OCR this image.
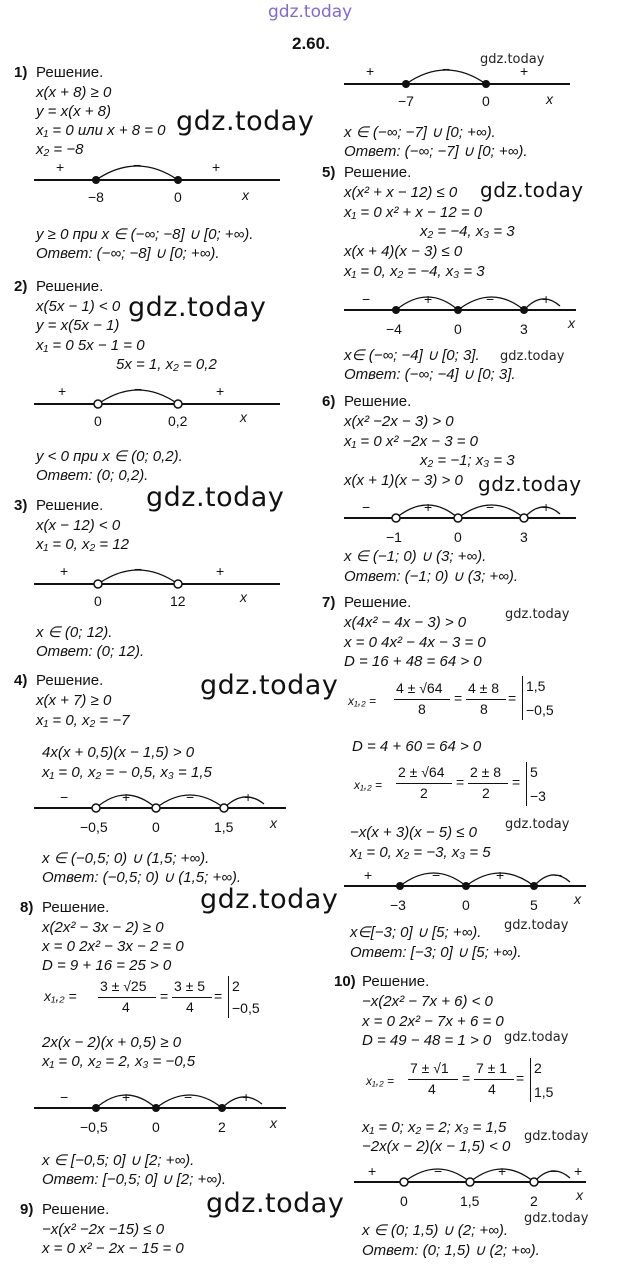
gdz.today
2.60.
gdz.today
gdz.today
gdz.today
gdz.today
gdz.today
gdz.today
gdz.today
gdz.today
gdz.today
gdz.today
gdz.today
gdz.today
gdz.today
gdz.today
gdz.today
gdz.today
1) Решение.
x(x + 8) ≥ 0
y = x(x + 8)
x₁ = 0 или x + 8 = 0
x₂ = −8
+	−	+
−8	0	x
y ≥ 0 при x ∈ (−∞; −8] ∪ [0; +∞).
Ответ: (−∞; −8] ∪ [0; +∞).
2) Решение.
x(5x − 1) < 0
y = x(5x − 1)
x₁ = 0 5x − 1 = 0
5x = 1, x₂ = 0,2
+	−	+
0	0,2	x
y < 0 при x ∈ (0; 0,2).
Ответ: (0; 0,2).
3) Решение.
x(x − 12) < 0
x₁ = 0, x₂ = 12
+	−	+
0	12	x
x ∈ (0; 12).
Ответ: (0; 12).
4) Решение.
x(x + 7) ≥ 0
x₁ = 0, x₂ = −7
4x(x + 0,5)(x − 1,5) > 0
x₁ = 0, x₂ = − 0,5, x₃ = 1,5
−	+	−	+
−0,5	0	1,5	x
x ∈ (−0,5; 0) ∪ (1,5; +∞).
Ответ: (−0,5; 0) ∪ (1,5; +∞).
8) Решение.
x(2x² − 3x − 2) ≥ 0
x = 0 2x² − 3x − 2 = 0
D = 9 + 16 = 25 > 0
x₁,₂ =
3 ± √25
4
=
3 ± 5
4
=
2
−0,5
2x(x − 2)(x + 0,5) ≥ 0
x₁ = 0, x₂ = 2, x₃ = −0,5
−	+	−	+
−0,5	0	2	x
x ∈ [−0,5; 0] ∪ [2; +∞).
Ответ: [−0,5; 0] ∪ [2; +∞).
9) Решение.
−x(x² −2x −15) ≤ 0
x = 0 x² − 2x − 15 = 0
+	−	+
−7	0	x
x ∈ (−∞; −7] ∪ [0; +∞).
Ответ: (−∞; −7] ∪ [0; +∞).
5) Решение.
x(x² + x − 12) ≤ 0
x₁ = 0 x² + x − 12 = 0
x₂ = −4, x₃ = 3
x(x + 4)(x − 3) ≤ 0
x₁ = 0, x₂ = −4, x₃ = 3
−	+	−	+
−4	0	3	x
x∈ (−∞; −4] ∪ [0; 3].
Ответ: (−∞; −4] ∪ [0; 3].
6) Решение.
x(x² −2x − 3) > 0
x₁ = 0 x² −2x − 3 = 0
x₂ = −1; x₃ = 3
x(x + 1)(x − 3) > 0
−	+	−	+
−1	0	3
x ∈ (−1; 0) ∪ (3; +∞).
Ответ: (−1; 0) ∪ (3; +∞).
7) Решение.
x(4x² − 4x − 3) > 0
x = 0 4x² − 4x − 3 = 0
D = 16 + 48 = 64 > 0
x₁,₂ =
4 ± √64
8
=
4 ± 8
8
=
1,5
−0,5
D = 4 + 60 = 64 > 0
x₁,₂ =
2 ± √64
2
=
2 ± 8
2
=
5
−3
−x(x + 3)(x − 5) ≤ 0
x₁ = 0, x₂ = −3, x₃ = 5
+	−	+	−
−3	0	5	x
x∈[−3; 0] ∪ [5; +∞).
Ответ: [−3; 0] ∪ [5; +∞).
10) Решение.
−x(2x² − 7x + 6) < 0
x = 0 2x² − 7x + 6 = 0
D = 49 − 48 = 1 > 0
x₁,₂ =
7 ± √1
4
=
7 ± 1
4
=
2
1,5
x₁ = 0; x₂ = 2; x₃ = 1,5
−2x(x − 2)(x − 1,5) < 0
+	−	+	− +
0	1,5	2	x
x ∈ (0; 1,5) ∪ (2; +∞).
Ответ: (0; 1,5) ∪ (2; +∞).
